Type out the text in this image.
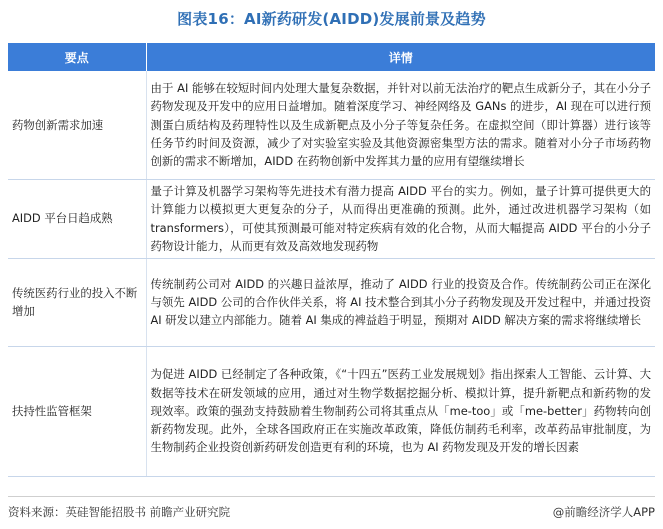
图表16：AI新药研发(AIDD)发展前景及趋势
要点	详情
药物创新需求加速	由于 AI 能够在较短时间内处理大量复杂数据，并针对以前无法治疗的靶点生成新分子，其在小分子药物发现及开发中的应用日益增加。随着深度学习、神经网络及 GANs 的进步，AI 现在可以进行预测蛋白质结构及药理特性以及生成新靶点及小分子等复杂任务。在虚拟空间（即计算器）进行该等任务节约时间及资源，减少了对实验室实验及其他资源密集型方法的需求。随着对小分子市场药物创新的需求不断增加，AIDD 在药物创新中发挥其力量的应用有望继续增长
AIDD 平台日趋成熟	量子计算及机器学习架构等先进技术有潜力提高 AIDD 平台的实力。例如，量子计算可提供更大的计算能力以模拟更大更复杂的分子，从而得出更准确的预测。此外，通过改进机器学习架构（如 transformers），可使其预测最可能对特定疾病有效的化合物，从而大幅提高 AIDD 平台的小分子药物设计能力，从而更有效及高效地发现药物
传统医药行业的投入不断增加	传统制药公司对 AIDD 的兴趣日益浓厚，推动了 AIDD 行业的投资及合作。传统制药公司正在深化与领先 AIDD 公司的合作伙伴关系，将 AI 技术整合到其小分子药物发现及开发过程中，并通过投资 AI 研发以建立内部能力。随着 AI 集成的裨益趋于明显，预期对 AIDD 解决方案的需求将继续增长
扶持性监管框架	为促进 AIDD 已经制定了各种政策，《“十四五”医药工业发展规划》指出探索人工智能、云计算、大数据等技术在研发领域的应用，通过对生物学数据挖掘分析、模拟计算，提升新靶点和新药物的发现效率。政策的强劲支持鼓励着生物制药公司将其重点从「me-too」或「me-better」药物转向创新药物发现。此外，全球各国政府正在实施改革政策，降低仿制药毛利率，改革药品审批制度，为生物制药企业投资创新药研发创造更有利的环境，也为 AI 药物发现及开发的增长因素
资料来源：英硅智能招股书 前瞻产业研究院	@前瞻经济学人APP
